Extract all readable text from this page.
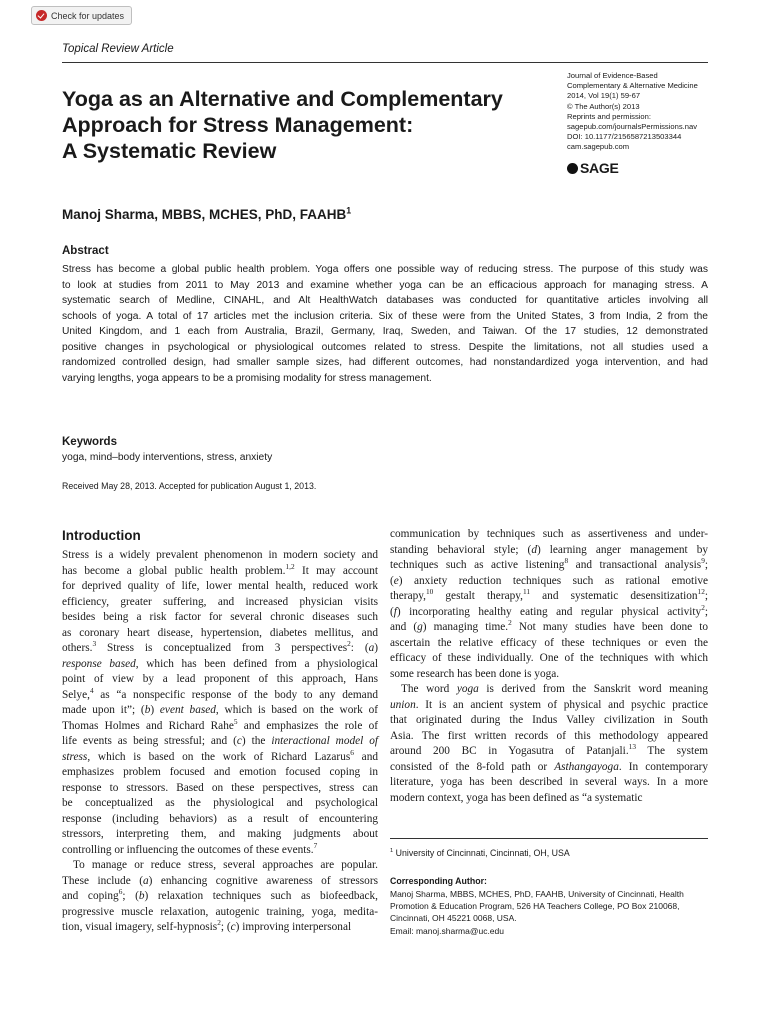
Check for updates
Topical Review Article
Yoga as an Alternative and Complementary
Approach for Stress Management:
A Systematic Review
Journal of Evidence-Based
Complementary & Alternative Medicine
2014, Vol 19(1) 59-67
© The Author(s) 2013
Reprints and permission:
sagepub.com/journalsPermissions.nav
DOI: 10.1177/2156587213503344
cam.sagepub.com
SAGE
Manoj Sharma, MBBS, MCHES, PhD, FAAHB$^1$
Abstract

Stress has become a global public health problem. Yoga offers one possible way of reducing stress. The purpose of this study was
to look at studies from 2011 to May 2013 and examine whether yoga can be an efficacious approach for managing stress. A
systematic search of Medline, CINAHL, and Alt HealthWatch databases was conducted for quantitative articles involving all
schools of yoga. A total of 17 articles met the inclusion criteria. Six of these were from the United States, 3 from India, 2 from the
United Kingdom, and 1 each from Australia, Brazil, Germany, Iraq, Sweden, and Taiwan. Of the 17 studies, 12 demonstrated
positive changes in psychological or physiological outcomes related to stress. Despite the limitations, not all studies used a
randomized controlled design, had smaller sample sizes, had different outcomes, had nonstandardized yoga intervention, and had
varying lengths, yoga appears to be a promising modality for stress management.

Keywords
yoga, mind–body interventions, stress, anxiety
Received May 28, 2013. Accepted for publication August 1, 2013.
Introduction
Stress is a widely prevalent phenomenon in modern society and
has become a global public health problem.$^{1,2}$ It may account
for deprived quality of life, lower mental health, reduced work
efficiency, greater suffering, and increased physician visits
besides being a risk factor for several chronic diseases such
as coronary heart disease, hypertension, diabetes mellitus, and
others.$^3$ Stress is conceptualized from 3 perspectives$^2$: (a)
response based, which has been defined from a physiological
point of view by a lead proponent of this approach, Hans
Selye,$^4$ as “a nonspecific response of the body to any demand
made upon it”; (b) event based, which is based on the work of
Thomas Holmes and Richard Rahe$^5$ and emphasizes the role of
life events as being stressful; and (c) the interactional model of
stress, which is based on the work of Richard Lazarus$^6$ and
emphasizes problem focused and emotion focused coping in
response to stressors. Based on these perspectives, stress can
be conceptualized as the physiological and psychological
response (including behaviors) as a result of encountering
stressors, interpreting them, and making judgments about
controlling or influencing the outcomes of these events.$^7$
To manage or reduce stress, several approaches are popular.
These include (a) enhancing cognitive awareness of stressors
and coping$^6$; (b) relaxation techniques such as biofeedback,
progressive muscle relaxation, autogenic training, yoga, medita-
tion, visual imagery, self-hypnosis$^2$; (c) improving interpersonal
communication by techniques such as assertiveness and under-
standing behavioral style; (d) learning anger management by
techniques such as active listening$^8$ and transactional analysis$^9$;
(e) anxiety reduction techniques such as rational emotive
therapy,$^{10}$ gestalt therapy,$^{11}$ and systematic desensitization$^{12}$;
(f) incorporating healthy eating and regular physical activity$^2$;
and (g) managing time.$^2$ Not many studies have been done to
ascertain the relative efficacy of these techniques or even the
efficacy of these individually. One of the techniques with which
some research has been done is yoga.
The word yoga is derived from the Sanskrit word meaning
union. It is an ancient system of physical and psychic practice
that originated during the Indus Valley civilization in South
Asia. The first written records of this methodology appeared
around 200 BC in Yogasutra of Patanjali.$^{13}$ The system
consisted of the 8-fold path or Asthangayoga. In contemporary
literature, yoga has been described in several ways. In a more
modern context, yoga has been defined as “a systematic
$^1$ University of Cincinnati, Cincinnati, OH, USA
Corresponding Author:

Manoj Sharma, MBBS, MCHES, PhD, FAAHB, University of Cincinnati, Health
Promotion & Education Program, 526 HA Teachers College, PO Box 210068,
Cincinnati, OH 45221 0068, USA.
Email: manoj.sharma@uc.edu
